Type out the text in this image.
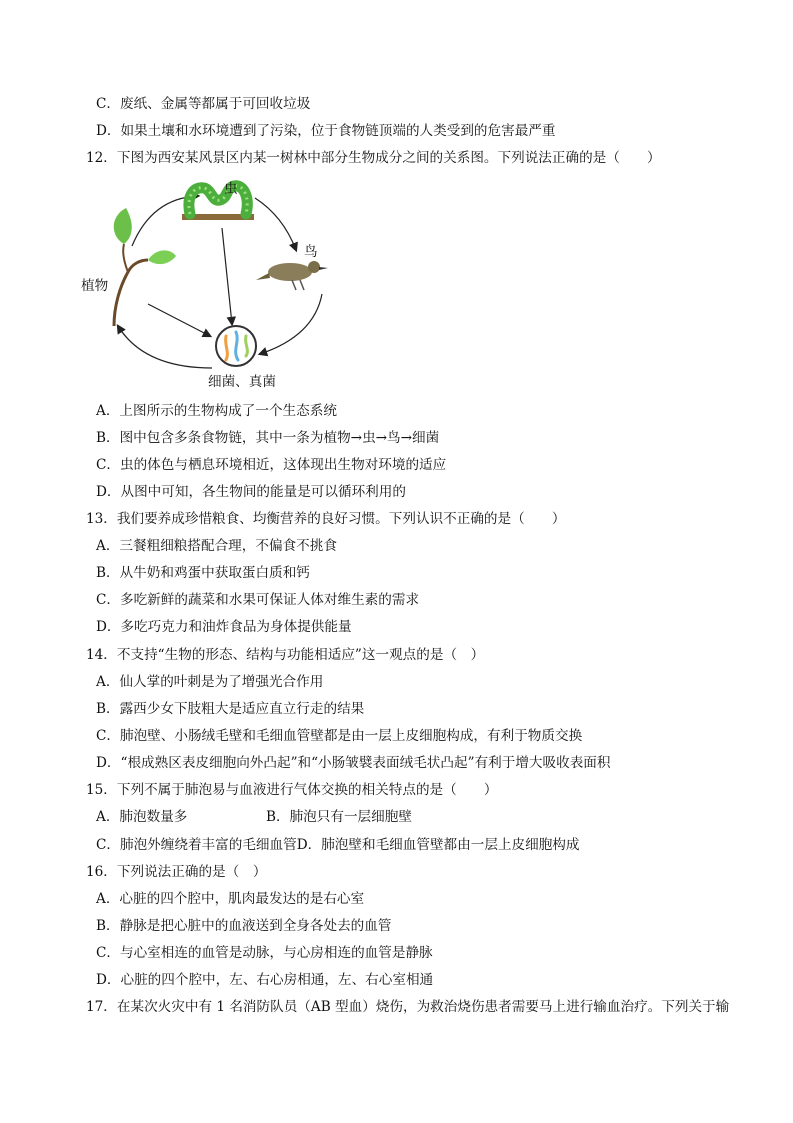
C．废纸、金属等都属于可回收垃圾
D．如果土壤和水环境遭到了污染，位于食物链顶端的人类受到的危害最严重
12．下图为西安某风景区内某一树林中部分生物成分之间的关系图。下列说法正确的是（　　）
虫
鸟
植物
细菌、真菌
A．上图所示的生物构成了一个生态系统
B．图中包含多条食物链，其中一条为植物→虫→鸟→细菌
C．虫的体色与栖息环境相近，这体现出生物对环境的适应
D．从图中可知，各生物间的能量是可以循环利用的
13．我们要养成珍惜粮食、均衡营养的良好习惯。下列认识不正确的是（　　）
A．三餐粗细粮搭配合理，不偏食不挑食
B．从牛奶和鸡蛋中获取蛋白质和钙
C．多吃新鲜的蔬菜和水果可保证人体对维生素的需求
D．多吃巧克力和油炸食品为身体提供能量
14．不支持“生物的形态、结构与功能相适应”这一观点的是（　）
A．仙人掌的叶刺是为了增强光合作用
B．露西少女下肢粗大是适应直立行走的结果
C．肺泡壁、小肠绒毛壁和毛细血管壁都是由一层上皮细胞构成，有利于物质交换
D．“根成熟区表皮细胞向外凸起”和“小肠皱襞表面绒毛状凸起”有利于增大吸收表面积
15．下列不属于肺泡易与血液进行气体交换的相关特点的是（　　）
A．肺泡数量多	B．肺泡只有一层细胞壁
C．肺泡外缠绕着丰富的毛细血管D．肺泡壁和毛细血管壁都由一层上皮细胞构成
16．下列说法正确的是（　）
A．心脏的四个腔中，肌肉最发达的是右心室
B．静脉是把心脏中的血液送到全身各处去的血管
C．与心室相连的血管是动脉，与心房相连的血管是静脉
D．心脏的四个腔中，左、右心房相通，左、右心室相通
17．在某次火灾中有 1 名消防队员（AB 型血）烧伤，为救治烧伤患者需要马上进行输血治疗。下列关于输
